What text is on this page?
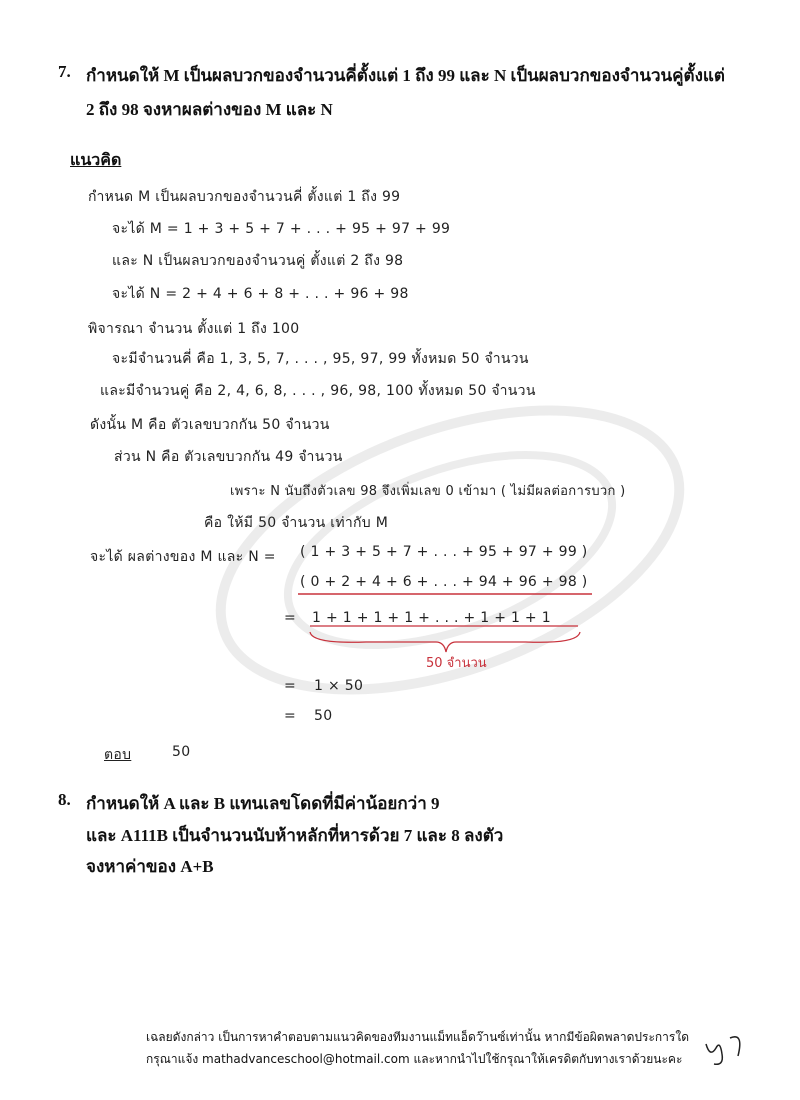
7. กำหนดให้ M เป็นผลบวกของจำนวนคี่ตั้งแต่ 1 ถึง 99 และ N เป็นผลบวกของจำนวนคู่ตั้งแต่
2 ถึง 98 จงหาผลต่างของ M และ N
แนวคิด
กำหนด M เป็นผลบวกของจำนวนคี่ ตั้งแต่ 1 ถึง 99
จะได้ M = 1 + 3 + 5 + 7 + . . . + 95 + 97 + 99
และ N เป็นผลบวกของจำนวนคู่ ตั้งแต่ 2 ถึง 98
จะได้ N = 2 + 4 + 6 + 8 + . . . + 96 + 98
พิจารณา จำนวน ตั้งแต่ 1 ถึง 100
จะมีจำนวนคี่ คือ 1, 3, 5, 7, . . . , 95, 97, 99 ทั้งหมด 50 จำนวน
และมีจำนวนคู่ คือ 2, 4, 6, 8, . . . , 96, 98, 100 ทั้งหมด 50 จำนวน
ดังนั้น M คือ ตัวเลขบวกกัน 50 จำนวน
ส่วน N คือ ตัวเลขบวกกัน 49 จำนวน
เพราะ N นับถึงตัวเลข 98 จึงเพิ่มเลข 0 เข้ามา ( ไม่มีผลต่อการบวก )
คือ ให้มี 50 จำนวน เท่ากับ M
จะได้ ผลต่างของ M และ N = ( 1 + 3 + 5 + 7 + . . . + 95 + 97 + 99 )
( 0 + 2 + 4 + 6 + . . . + 94 + 96 + 98 )
= 1 + 1 + 1 + 1 + . . . + 1 + 1 + 1
50 จำนวน
= 1 × 50
= 50
ตอบ	50
8. กำหนดให้ A และ B แทนเลขโดดที่มีค่าน้อยกว่า 9
และ A111B เป็นจำนวนนับห้าหลักที่หารด้วย 7 และ 8 ลงตัว
จงหาค่าของ A+B
เฉลยดังกล่าว เป็นการหาคำตอบตามแนวคิดของทีมงานแม็ทแอ็ดว๊านซ์เท่านั้น หากมีข้อผิดพลาดประการใด
กรุณาแจ้ง mathadvanceschool@hotmail.com และหากนำไปใช้กรุณาให้เครดิตกับทางเราด้วยนะคะ
